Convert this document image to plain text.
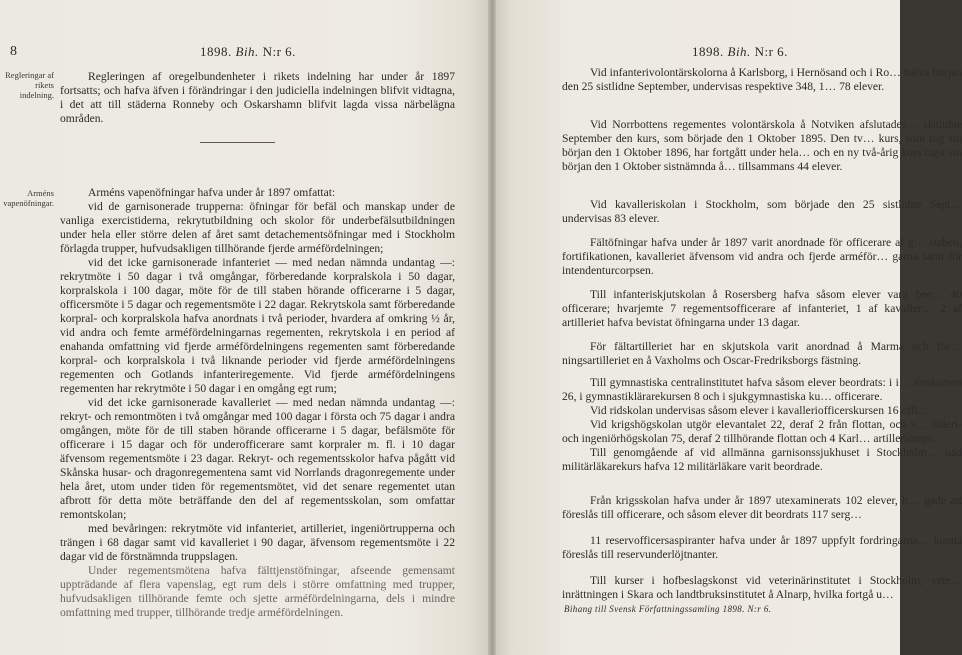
8	1898. Bih. N:r 6.
Regleringar af rikets indelning.
Arméns vapenöfningar.

Regleringen af oregelbundenheter i rikets indelning har under år 1897 fortsatts; och hafva äfven i förändringar i den judiciella indelningen blifvit vidtagna, i det att till städerna Ronneby och Oskarshamn blifvit lagda vissa närbelägna områden.

Arméns vapenöfningar hafva under år 1897 omfattat:

vid de garnisonerade trupperna: öfningar för befäl och manskap under de vanliga exercistiderna, rekrytutbildning och skolor för underbefälsutbildningen under hela eller större delen af året samt detachementsöfningar med i Stockholm förlagda trupper, hufvudsakligen tillhörande fjerde arméfördelningen;

vid det icke garnisonerade infanteriet — med nedan nämnda undantag —: rekrytmöte i 50 dagar i två omgångar, förberedande korpralskola i 50 dagar, korpralskola i 100 dagar, möte för de till staben hörande officerarne i 5 dagar, officersmöte i 5 dagar och regementsmöte i 22 dagar. Rekrytskola samt förberedande korpral- och korpralskola hafva anordnats i två perioder, hvardera af omkring ½ år, vid andra och femte arméfördelningarnas regementen, rekrytskola i en period af enahanda omfattning vid fjerde arméfördelningens regementen samt förberedande korpral- och korpralskola i två liknande perioder vid fjerde arméfördelningens regementen och Gotlands infanteriregemente. Vid fjerde arméfördelningens regementen har rekrytmöte i 50 dagar i en omgång egt rum;

vid det icke garnisonerade kavalleriet — med nedan nämnda undantag —: rekryt- och remontmöten i två omgångar med 100 dagar i första och 75 dagar i andra omgången, möte för de till staben hörande officerarne i 5 dagar, befälsmöte för officerare i 15 dagar och för underofficerare samt korpraler m. fl. i 10 dagar äfvensom regementsmöte i 23 dagar. Rekryt- och regementsskolor hafva pågått vid Skånska husar- och dragonregementena samt vid Norrlands dragonregemente under hela året, utom under tiden för regementsmötet, vid det senare regementet utan afbrott för detta möte beträffande den del af regementsskolan, som omfattar remontskolan;

med bevåringen: rekrytmöte vid infanteriet, artilleriet, ingeniörtrupperna och trängen i 68 dagar samt vid kavalleriet i 90 dagar, äfvensom regementsmöte i 22 dagar vid de förstnämnda truppslagen.

Under regementsmötena hafva fälttjenstöfningar, afseende gemensamt uppträdande af flera vapenslag, egt rum dels i större omfattning med trupper, hufvudsakligen tillhörande femte och sjette arméfördelningarna, dels i mindre omfattning med trupper, tillhörande tredje arméfördelningen.

1898. Bih. N:r 6.

Vid infanterivolontärskolorna å Karlsborg, i Hernösand och i Ro… hafva början den 25 sistlidne September, undervisas respektive 348, 1… 78 elever.

Vid Norrbottens regementes volontärskola å Notviken afslutades… sistlidne September den kurs, som började den 1 Oktober 1895. Den tv… kurs, som tog sin början den 1 Oktober 1896, har fortgått under hela… och en ny två-årig kurs tagit sin början den 1 Oktober sistnämnda å… tillsammans 44 elever.

Vid kavalleriskolan i Stockholm, som började den 25 sistlidne Sept… undervisas 83 elever.

Fältöfningar hafva under år 1897 varit anordnade för officerare af g… staben, fortifikationen, kavalleriet äfvensom vid andra och fjerde arméför… garna samt för intendenturcorpsen.

Till infanteriskjutskolan å Rosersberg hafva såsom elever varit bee… 40 officerare; hvarjemte 7 regementsofficerare af infanteriet, 1 af kavaller… 2 af artilleriet hafva bevistat öfningarna under 13 dagar.

För fältartilleriet har en skjutskola varit anordnad å Marma och för… ningsartilleriet en å Vaxholms och Oscar-Fredriksborgs fästning.

Till gymnastiska centralinstitutet hafva såsom elever beordrats: i i… törskursen 26, i gymnastiklärarekursen 8 och i sjukgymnastiska ku… officerare.

Vid ridskolan undervisas såsom elever i kavalleriofficerskursen 16 offi…

Vid krigshögskolan utgör elevantalet 22, deraf 2 från flottan, och v… tilleri- och ingeniörhögskolan 75, deraf 2 tillhörande flottan och 4 Karl… artillericorps.

Till genomgående af vid allmänna garnisonssjukhuset i Stockholm… nad militärläkarekurs hafva 12 militärläkare varit beordrade.

Från krigsskolan hafva under år 1897 utexaminerats 102 elever, h… gade att föreslås till officerare, och såsom elever dit beordrats 117 serg…

11 reservofficersaspiranter hafva under år 1897 uppfylt fordringarna… kunna föreslås till reservunderlöjtnanter.

Till kurser i hofbeslagskonst vid veterinärinstitutet i Stockholm, vete… inrättningen i Skara och landtbruksinstitutet å Alnarp, hvilka fortgå u…

Bihang till Svensk Författningssamling 1898. N:r 6.
